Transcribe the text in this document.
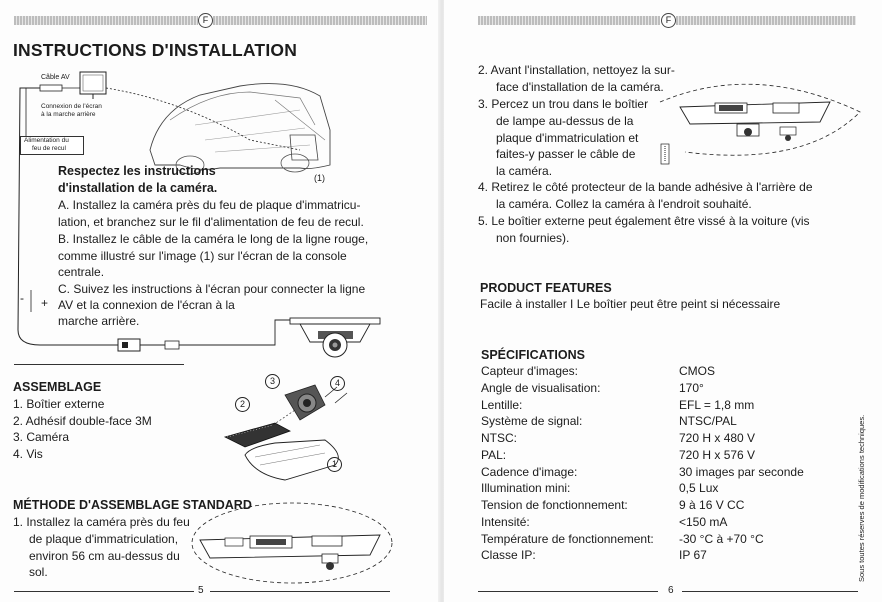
F
INSTRUCTIONS D'INSTALLATION
Câble AV
Connexion de l'écran
à la marche arrière
Alimentation du
feu de recul
(1)
Respectez les instructions
d'installation de la caméra.
A. Installez la caméra près du feu de plaque d'immatricu-
lation, et branchez sur le fil d'alimentation de feu de recul.
B. Installez le câble de la caméra le long de la ligne rouge,
comme illustré sur l'image (1) sur l'écran de la console
centrale.
C. Suivez les instructions à l'écran pour connecter la ligne
AV et la connexion de l'écran à la
marche arrière.
- +
ASSEMBLAGE
1. Boîtier externe
2. Adhésif double-face 3M
3. Caméra
4. Vis
1
2
3	4
MÉTHODE D'ASSEMBLAGE STANDARD
1. Installez la caméra près du feu
de plaque d'immatriculation,
environ 56 cm au-dessus du
sol.
5
F
2. Avant l'installation, nettoyez la sur-
face d'installation de la caméra.
3. Percez un trou dans le boîtier
de lampe au-dessus de la
plaque d'immatriculation et
faites-y passer le câble de
la caméra.
4. Retirez le côté protecteur de la bande adhésive à l'arrière de
la caméra. Collez la caméra à l'endroit souhaité.
5. Le boîtier externe peut également être vissé à la voiture (vis
non fournies).
PRODUCT FEATURES
Facile à installer I Le boîtier peut être peint si nécessaire
SPÉCIFICATIONS
Capteur d'images:	CMOS
Angle de visualisation:	170°
Lentille:	EFL = 1,8 mm
Système de signal:	NTSC/PAL
NTSC:	720 H x 480 V
PAL:	720 H x 576 V
Cadence d'image:	30 images par seconde
Illumination mini:	0,5 Lux
Tension de fonctionnement:	9 à 16 V CC
Intensité:	<150 mA
Température de fonctionnement: -30 °C à +70 °C
Classe IP:	IP 67	Sous toutes réserves de modifications techniques.
6
